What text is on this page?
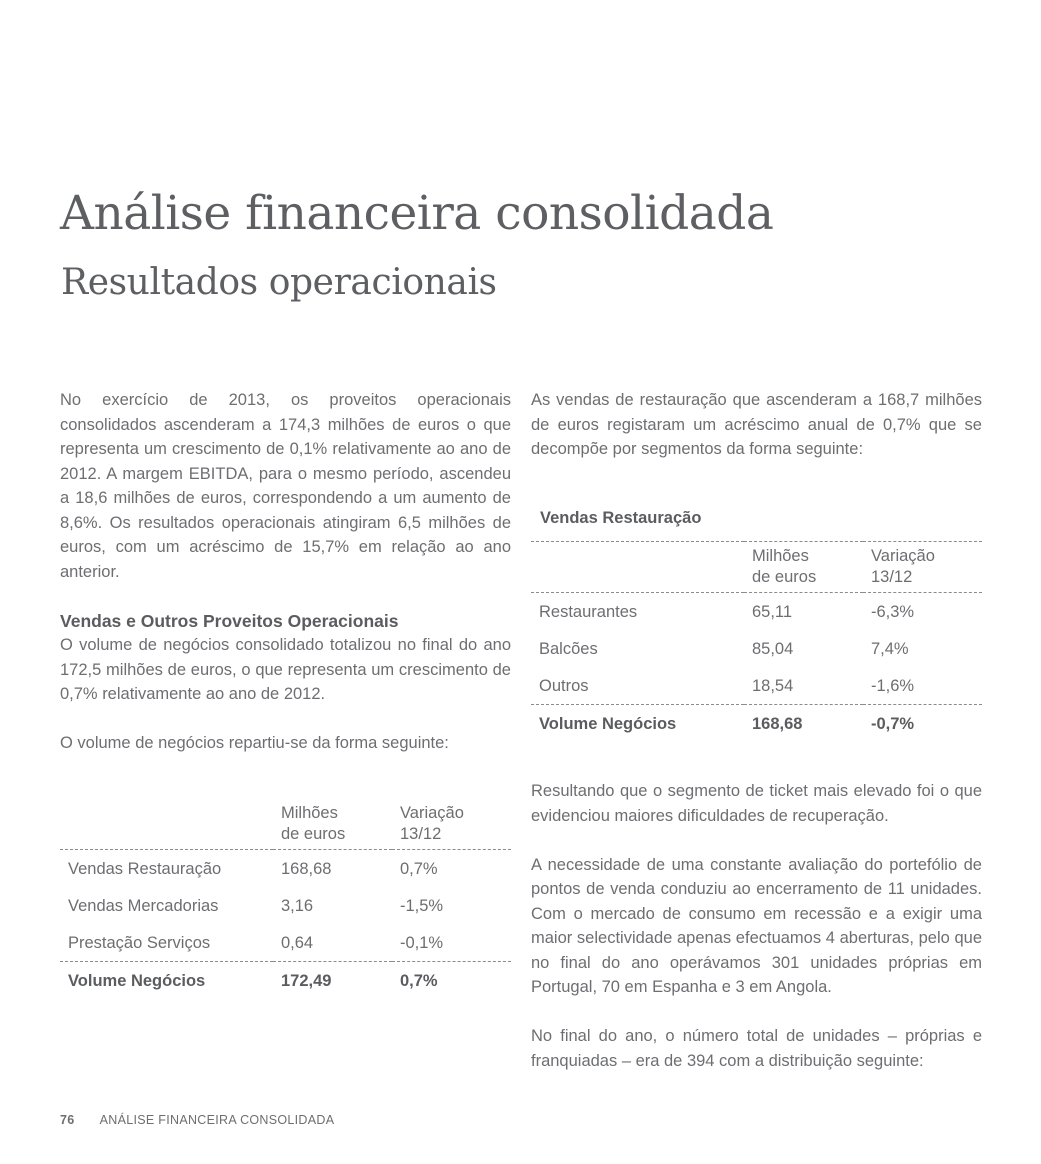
Análise financeira consolidada
Resultados operacionais

No exercício de 2013, os proveitos operacionais consolidados ascenderam a 174,3 milhões de euros o que representa um crescimento de 0,1% relativamente ao ano de 2012. A margem EBITDA, para o mesmo período, ascendeu a 18,6 milhões de euros, correspondendo a um aumento de 8,6%. Os resultados operacionais atingiram 6,5 milhões de euros, com um acréscimo de 15,7% em relação ao ano anterior.

Vendas e Outros Proveitos Operacionais

O volume de negócios consolidado totalizou no final do ano 172,5 milhões de euros, o que representa um crescimento de 0,7% relativamente ao ano de 2012.

O volume de negócios repartiu-se da forma seguinte:

	Milhões
de euros	Variação
13/12
Vendas Restauração	168,68	0,7%
Vendas Mercadorias	3,16	-1,5%
Prestação Serviços	0,64	-0,1%
Volume Negócios	172,49	0,7%

As vendas de restauração que ascenderam a 168,7 milhões de euros registaram um acréscimo anual de 0,7% que se decompõe por segmentos da forma seguinte:

Vendas Restauração
	Milhões
de euros	Variação
13/12
Restaurantes	65,11	-6,3%
Balcões	85,04	7,4%
Outros	18,54	-1,6%
Volume Negócios	168,68	-0,7%

Resultando que o segmento de ticket mais elevado foi o que evidenciou maiores dificuldades de recuperação.

A necessidade de uma constante avaliação do portefólio de pontos de venda conduziu ao encerramento de 11 unidades. Com o mercado de consumo em recessão e a exigir uma maior selectividade apenas efectuamos 4 aberturas, pelo que no final do ano operávamos 301 unidades próprias em Portugal, 70 em Espanha e 3 em Angola.

No final do ano, o número total de unidades – próprias e franquiadas – era de 394 com a distribuição seguinte:

76 ANÁLISE FINANCEIRA CONSOLIDADA
